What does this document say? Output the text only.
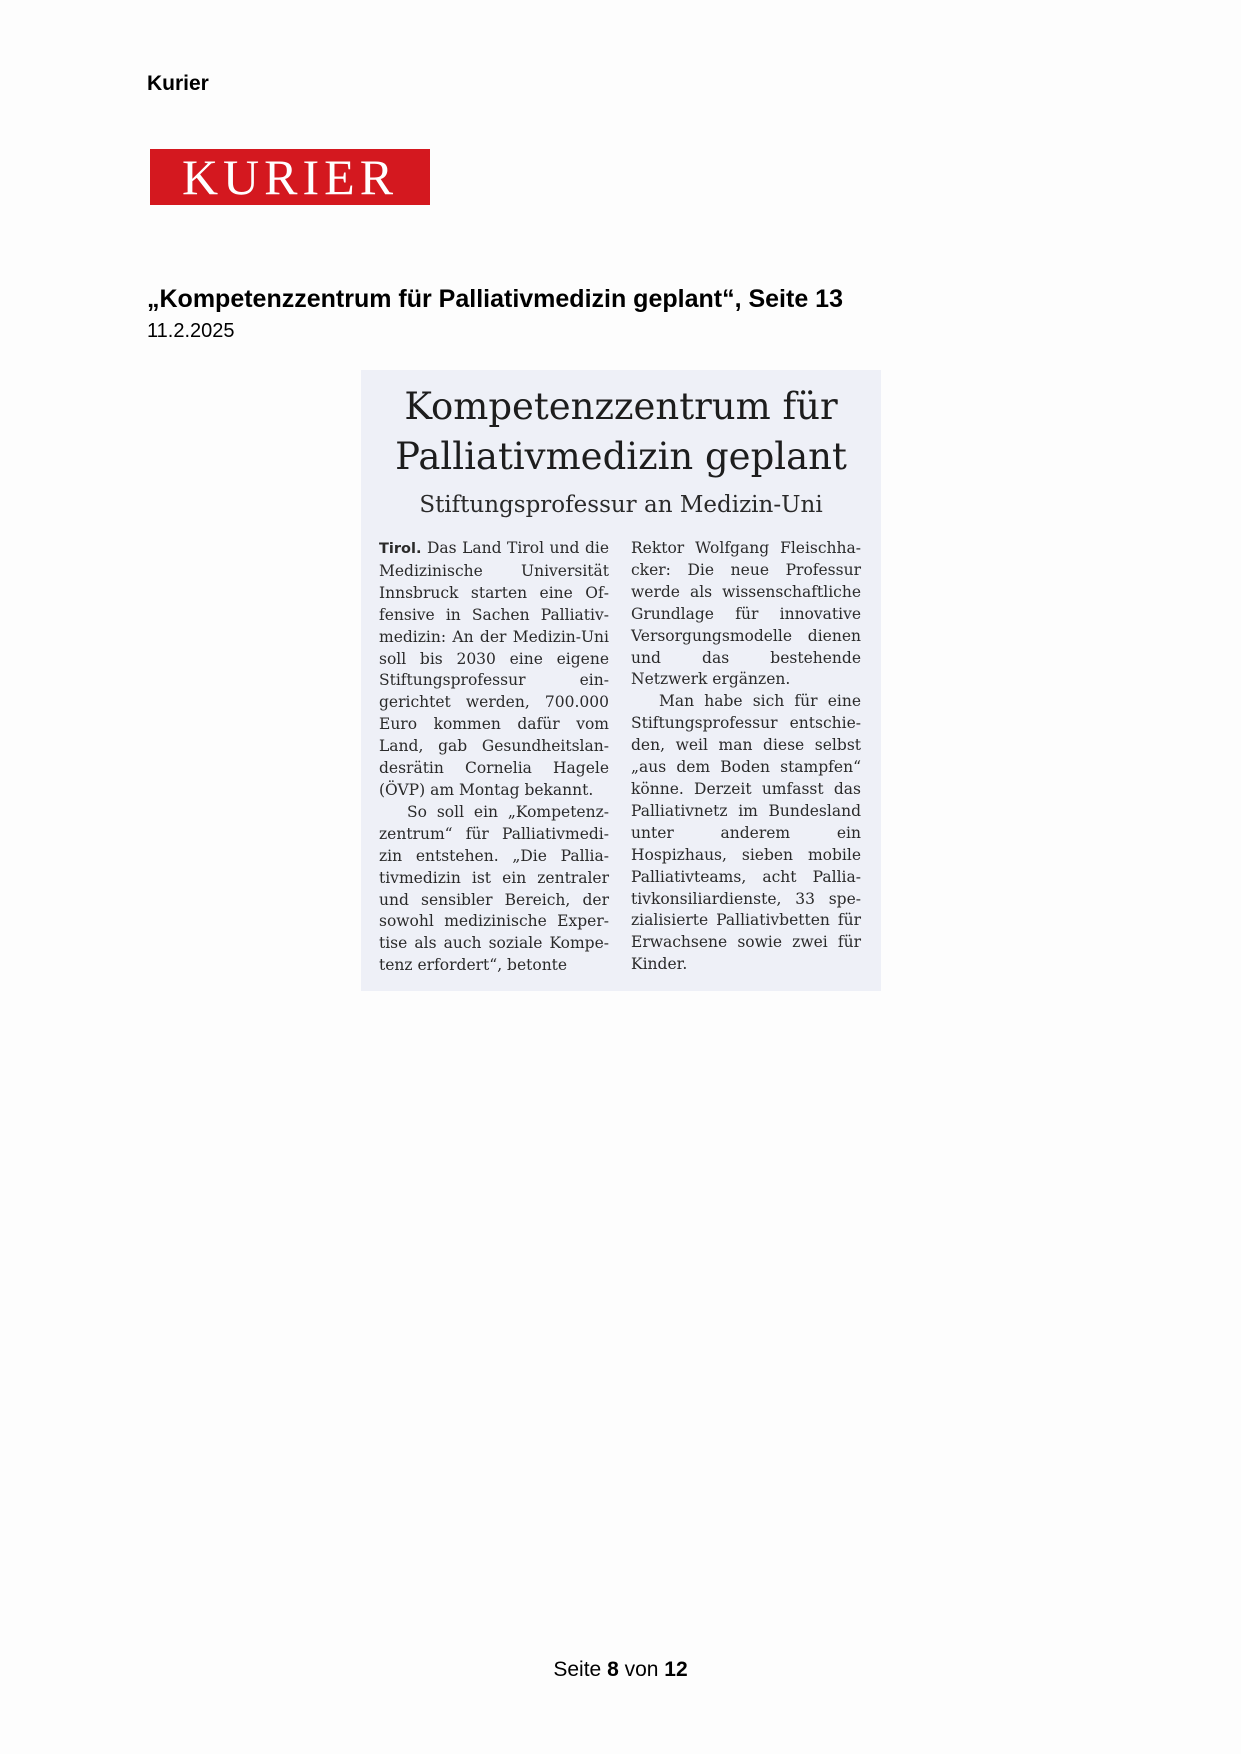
Kurier
KURIER
„Kompetenzzentrum für Palliativmedizin geplant“, Seite 13
11.2.2025
Kompetenzzentrum für
Palliativmedizin geplant
Stiftungsprofessur an Medizin-Uni

Tirol. Das Land Tirol und die Medizinische Universität Innsbruck starten eine Offensive in Sachen Palliativmedizin: An der Medizin-Uni soll bis 2030 eine eigene Stiftungsprofessur eingerichtet werden, 700.000 Euro kommen dafür vom Land, gab Gesundheitslandesrätin Cornelia Hagele (ÖVP) am Montag bekannt.

So soll ein „Kompetenzzentrum“ für Palliativmedizin entstehen. „Die Palliativmedizin ist ein zentraler und sensibler Bereich, der sowohl medizinische Expertise als auch soziale Kompetenz erfordert“, betonte

Rektor Wolfgang Fleischhacker: Die neue Professur werde als wissenschaftliche Grundlage für innovative Versorgungsmodelle dienen und das bestehende Netzwerk ergänzen.

Man habe sich für eine Stiftungsprofessur entschieden, weil man diese selbst „aus dem Boden stampfen“ könne. Derzeit umfasst das Palliativnetz im Bundesland unter anderem ein Hospizhaus, sieben mobile Palliativteams, acht Palliativkonsiliardienste, 33 spezialisierte Palliativbetten für Erwachsene sowie zwei für Kinder.

Seite 8 von 12
